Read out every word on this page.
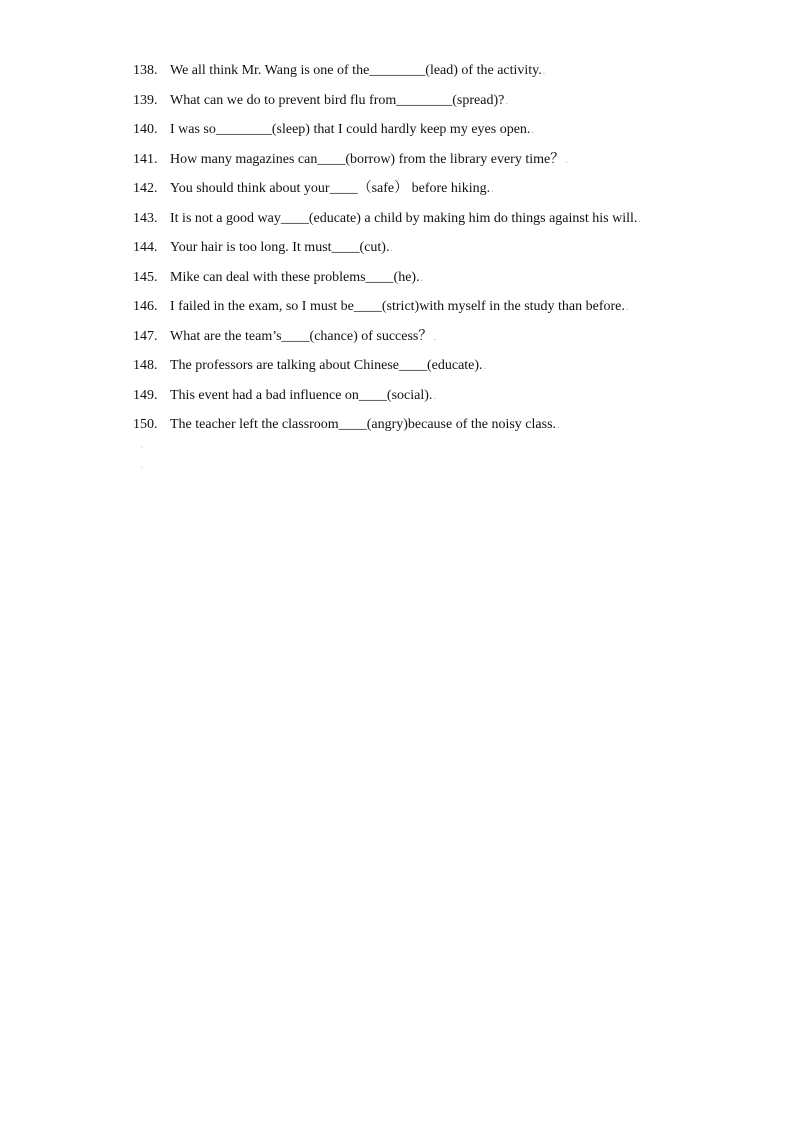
138. We all think Mr. Wang is one of the________(lead) of the activity. .
139. What can we do to prevent bird flu from________(spread)? .
140. I was so________(sleep) that I could hardly keep my eyes open. .
141. How many magazines can____(borrow) from the library every time？ .
142. You should think about your____（safe） before hiking. .
143. It is not a good way____(educate) a child by making him do things against his will. .
144. Your hair is too long. It must____(cut). .
145. Mike can deal with these problems____(he). .
146. I failed in the exam, so I must be____(strict)with myself in the study than before. .
147. What are the team’s____(chance) of success？ .
148. The professors are talking about Chinese____(educate). .
149. This event had a bad influence on____(social). .
150. The teacher left the classroom____(angry)because of the noisy class. .
·
·
